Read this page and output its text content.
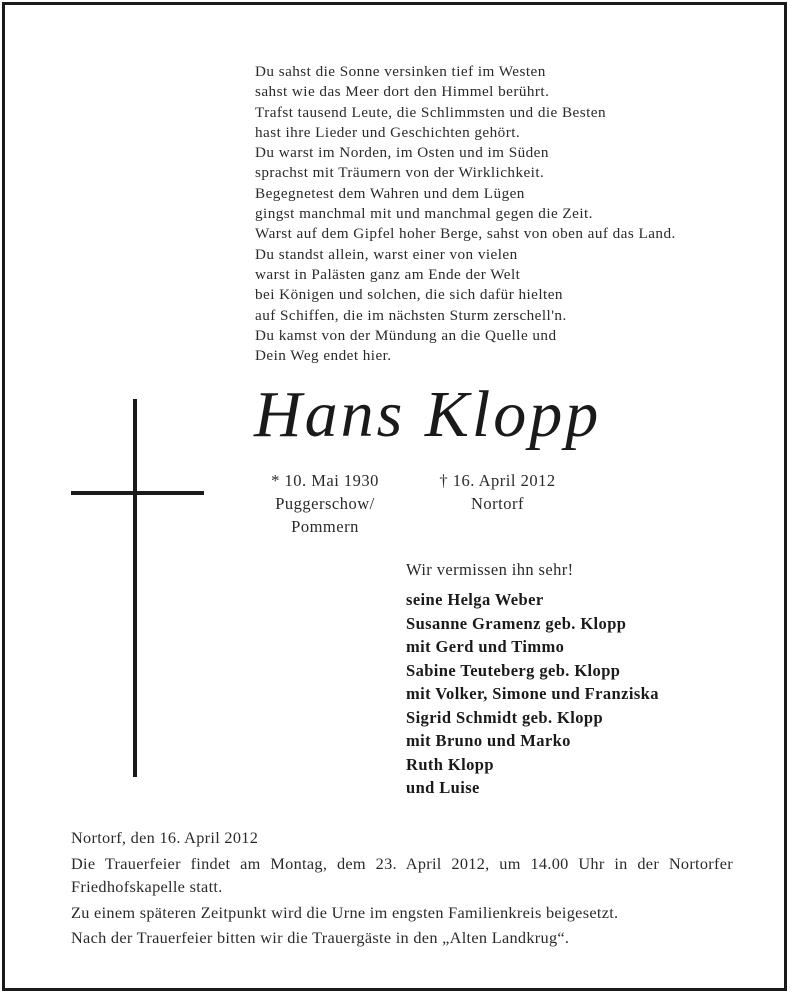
Du sahst die Sonne versinken tief im Westen
sahst wie das Meer dort den Himmel berührt.
Trafst tausend Leute, die Schlimmsten und die Besten
hast ihre Lieder und Geschichten gehört.
Du warst im Norden, im Osten und im Süden
sprachst mit Träumern von der Wirklichkeit.
Begegnetest dem Wahren und dem Lügen
gingst manchmal mit und manchmal gegen die Zeit.
Warst auf dem Gipfel hoher Berge, sahst von oben auf das Land.
Du standst allein, warst einer von vielen
warst in Palästen ganz am Ende der Welt
bei Königen und solchen, die sich dafür hielten
auf Schiffen, die im nächsten Sturm zerschell'n.
Du kamst von der Mündung an die Quelle und
Dein Weg endet hier.
Hans Klopp
* 10. Mai 1930
Puggerschow/
Pommern
† 16. April 2012
Nortorf
Wir vermissen ihn sehr!
seine Helga Weber
Susanne Gramenz geb. Klopp
mit Gerd und Timmo
Sabine Teuteberg geb. Klopp
mit Volker, Simone und Franziska
Sigrid Schmidt geb. Klopp
mit Bruno und Marko
Ruth Klopp
und Luise
Nortorf, den 16. April 2012
Die Trauerfeier findet am Montag, dem 23. April 2012, um 14.00 Uhr in der Nortorfer Friedhofskapelle statt.
Zu einem späteren Zeitpunkt wird die Urne im engsten Familienkreis beigesetzt.
Nach der Trauerfeier bitten wir die Trauergäste in den „Alten Landkrug“.
